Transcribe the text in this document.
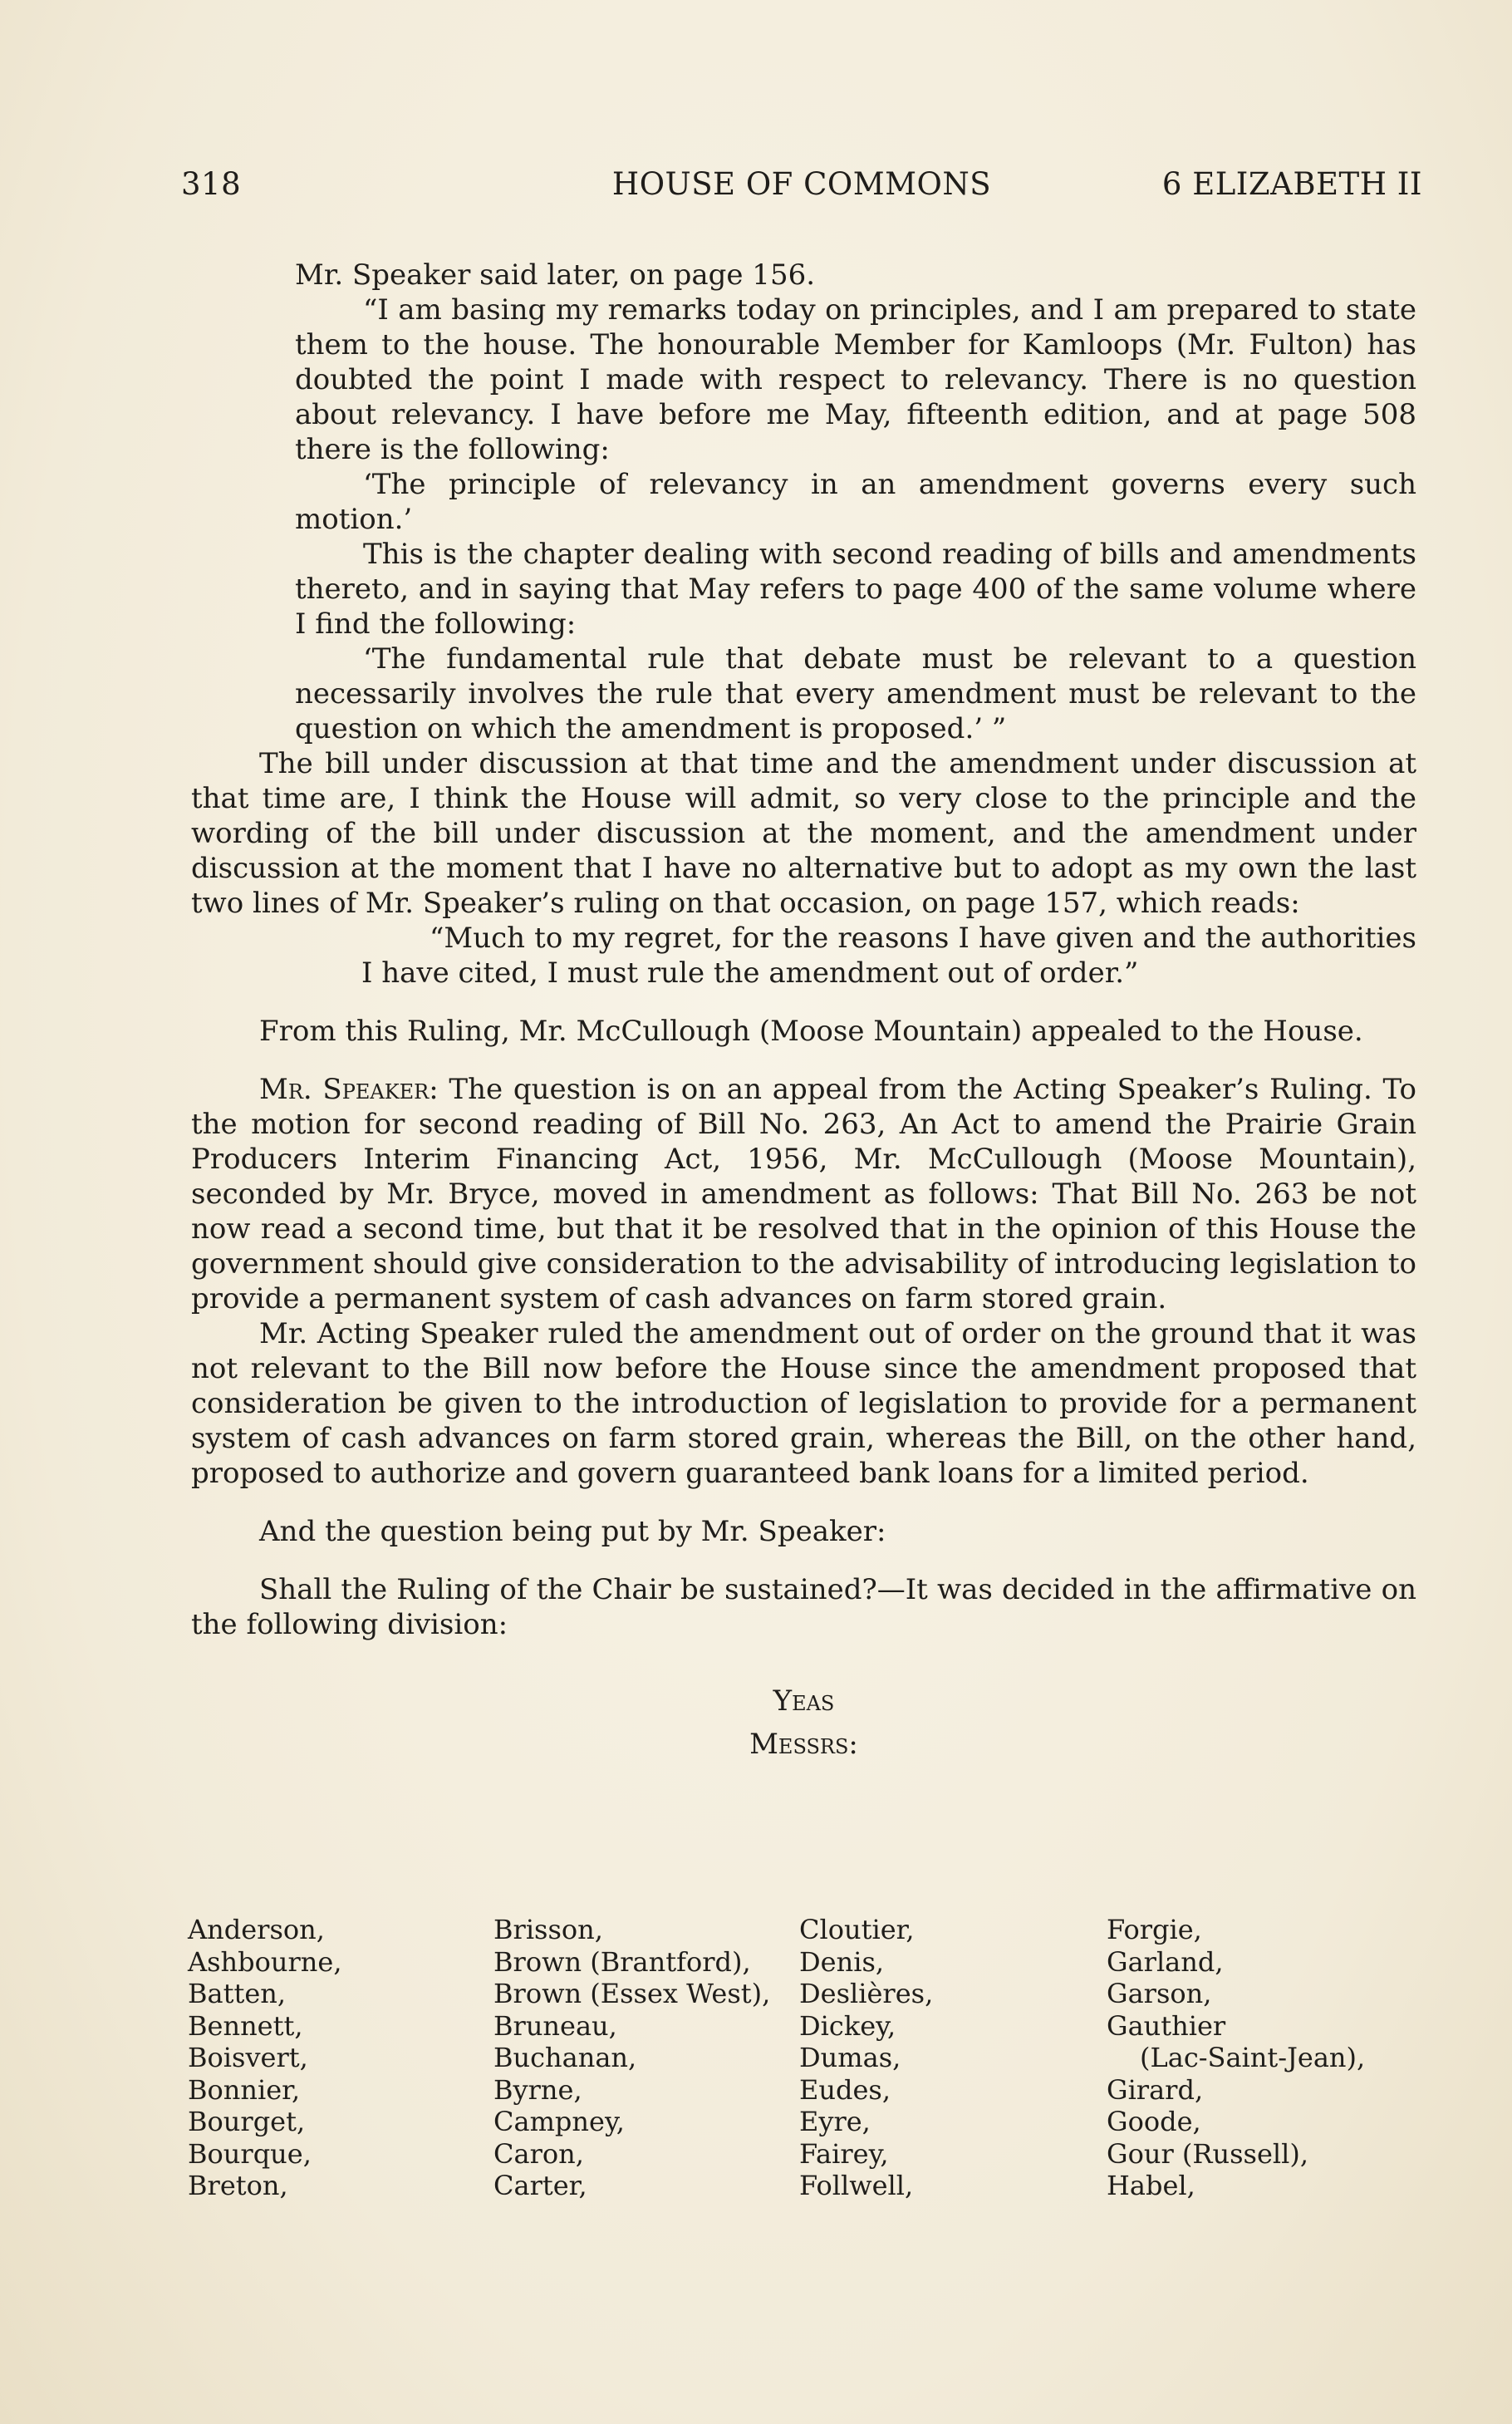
318	HOUSE OF COMMONS	6 ELIZABETH II

Mr. Speaker said later, on page 156.

“I am basing my remarks today on principles, and I am prepared to state them to the house. The honourable Member for Kamloops (Mr. Fulton) has doubted the point I made with respect to relevancy. There is no question about relevancy. I have before me May, fifteenth edition, and at page 508 there is the following:

‘The principle of relevancy in an amendment governs every such motion.’

This is the chapter dealing with second reading of bills and amendments thereto, and in saying that May refers to page 400 of the same volume where I find the following:

‘The fundamental rule that debate must be relevant to a question necessarily involves the rule that every amendment must be relevant to the question on which the amendment is proposed.’ ”

The bill under discussion at that time and the amendment under discussion at that time are, I think the House will admit, so very close to the principle and the wording of the bill under discussion at the moment, and the amendment under discussion at the moment that I have no alternative but to adopt as my own the last two lines of Mr. Speaker’s ruling on that occasion, on page 157, which reads:

“Much to my regret, for the reasons I have given and the authorities I have cited, I must rule the amendment out of order.”

From this Ruling, Mr. McCullough (Moose Mountain) appealed to the House.

Mr. Speaker: The question is on an appeal from the Acting Speaker’s Ruling. To the motion for second reading of Bill No. 263, An Act to amend the Prairie Grain Producers Interim Financing Act, 1956, Mr. McCullough (Moose Mountain), seconded by Mr. Bryce, moved in amendment as follows: That Bill No. 263 be not now read a second time, but that it be resolved that in the opinion of this House the government should give consideration to the advisability of introducing legislation to provide a permanent system of cash advances on farm stored grain.

Mr. Acting Speaker ruled the amendment out of order on the ground that it was not relevant to the Bill now before the House since the amendment proposed that consideration be given to the introduction of legislation to provide for a permanent system of cash advances on farm stored grain, whereas the Bill, on the other hand, proposed to authorize and govern guaranteed bank loans for a limited period.

And the question being put by Mr. Speaker:

Shall the Ruling of the Chair be sustained?—It was decided in the affirmative on the following division:

Yeas

Messrs:

Anderson,
Ashbourne,
Batten,
Bennett,
Boisvert,
Bonnier,
Bourget,
Bourque,
Breton,
Brisson,
Brown (Brantford),
Brown (Essex West),
Bruneau,
Buchanan,
Byrne,
Campney,
Caron,
Carter,
Cloutier,
Denis,
Deslières,
Dickey,
Dumas,
Eudes,
Eyre,
Fairey,
Follwell,
Forgie,
Garland,
Garson,
Gauthier
(Lac-Saint-Jean),
Girard,
Goode,
Gour (Russell),
Habel,
